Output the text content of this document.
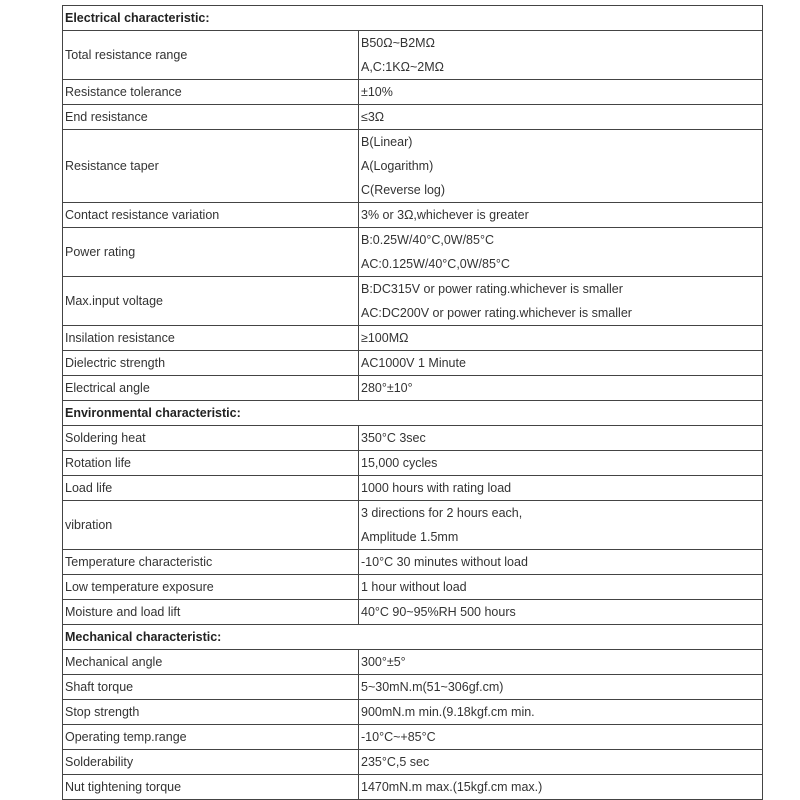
Electrical characteristic:	
Total resistance range	B50Ω~B2MΩ
A,C:1KΩ~2MΩ

Resistance tolerance	±10%

End resistance	≤3Ω

Resistance taper	B(Linear)
A(Logarithm)
C(Reverse log)

Contact resistance variation	3% or 3Ω,whichever is greater

Power rating	B:0.25W/40°C,0W/85°C
AC:0.125W/40°C,0W/85°C

Max.input voltage	B:DC315V or power rating.whichever is smaller
AC:DC200V or power rating.whichever is smaller

Insilation resistance	≥100MΩ

Dielectric strength	AC1000V 1 Minute

Electrical angle	280°±10°

Environmental characteristic:	
Soldering heat	350°C 3sec

Rotation life	15,000 cycles

Load life	1000 hours with rating load

vibration	3 directions for 2 hours each,
Amplitude 1.5mm

Temperature characteristic	-10°C 30 minutes without load

Low temperature exposure	1 hour without load

Moisture and load lift	40°C 90~95%RH 500 hours

Mechanical characteristic:	
Mechanical angle	300°±5°

Shaft torque	5~30mN.m(51~306gf.cm)

Stop strength	900mN.m min.(9.18kgf.cm min.

Operating temp.range	-10°C~+85°C

Solderability	235°C,5 sec

Nut tightening torque	1470mN.m max.(15kgf.cm max.)
